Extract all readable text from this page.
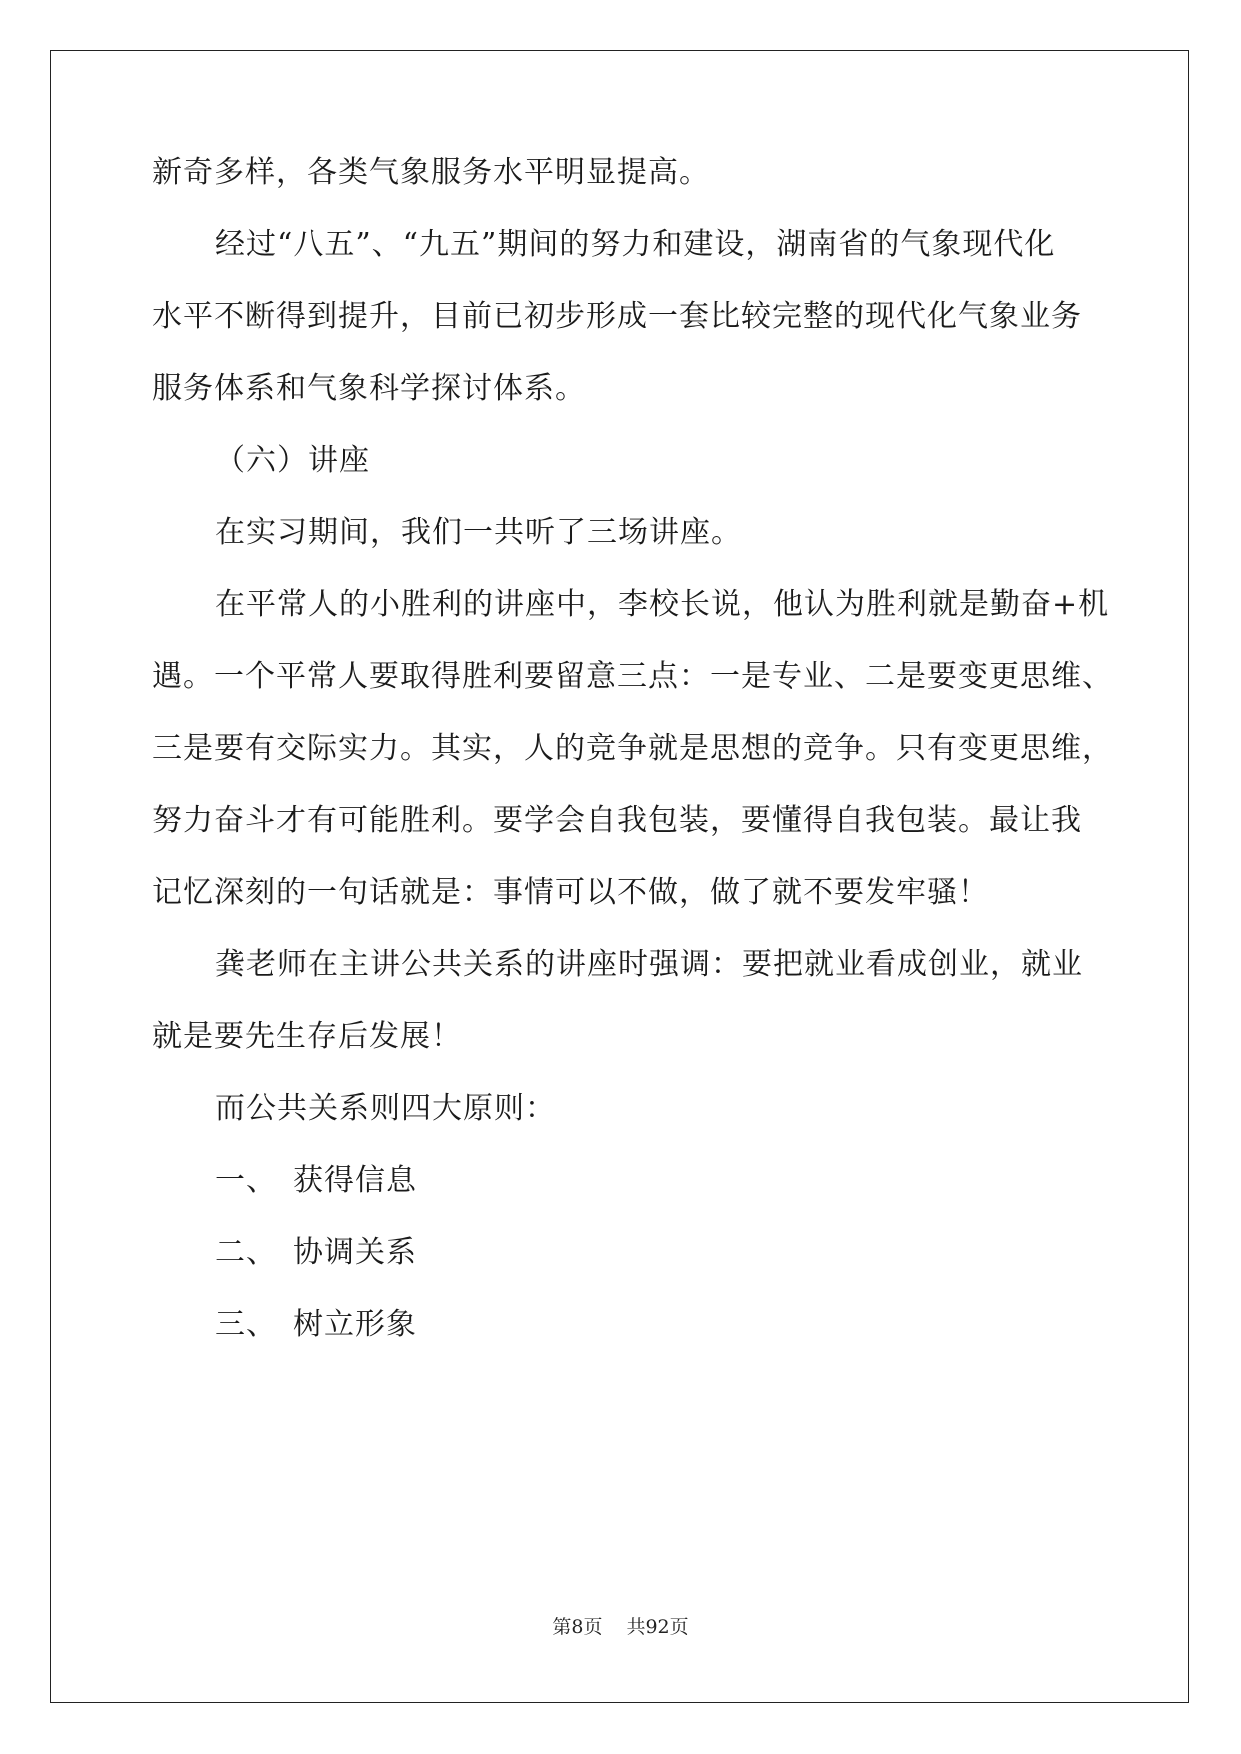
新奇多样，各类气象服务水平明显提高。
经过“八五”、“九五”期间的努力和建设，湖南省的气象现代化
水平不断得到提升，目前已初步形成一套比较完整的现代化气象业务
服务体系和气象科学探讨体系。
（六）讲座
在实习期间，我们一共听了三场讲座。
在平常人的小胜利的讲座中，李校长说，他认为胜利就是勤奋+机
遇。一个平常人要取得胜利要留意三点：一是专业、二是要变更思维、
三是要有交际实力。其实，人的竞争就是思想的竞争。只有变更思维，
努力奋斗才有可能胜利。要学会自我包装，要懂得自我包装。最让我
记忆深刻的一句话就是：事情可以不做，做了就不要发牢骚！
龚老师在主讲公共关系的讲座时强调：要把就业看成创业，就业
就是要先生存后发展！
而公共关系则四大原则：
一、 获得信息
二、 协调关系
三、 树立形象
第8页 共92页
